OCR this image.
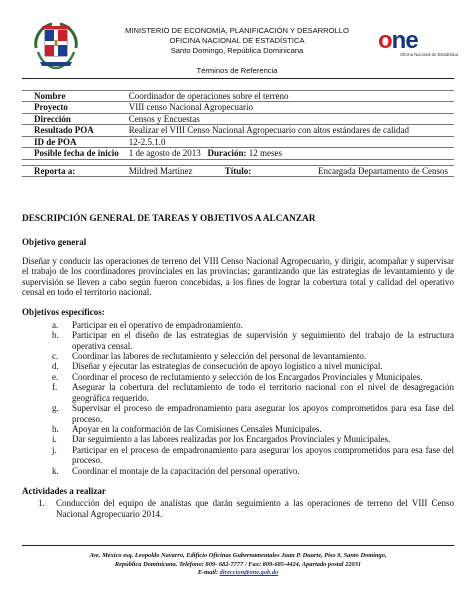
MINISTERIO DE ECONOMÍA, PLANIFICACIÓN Y DESARROLLO
OFICINA NACIONAL DE ESTADÍSTICA
Santo Domingo, República Dominicana
Términos de Referencia
one
Oficina Nacional de Estadística

Nombre	Coordinador de operaciones sobre el terreno		
Proyecto	VIII censo Nacional Agropecuario		
Dirección	Censos y Encuestas		
Resultado POA	Realizar el VIII Censo Nacional Agropecuario con altos estándares de calidad		
ID de POA	12-2.5.1.0		
Posible fecha de inicio	1 de agosto de 2013 Duración: 12 meses		

Reporta a:	Mildred Martínez	Título:	Encargada Departamento de Censos
DESCRIPCIÓN GENERAL DE TAREAS Y OBJETIVOS A ALCANZAR
Objetivo general
Diseñar y conducir las operaciones de terreno del VIII Censo Nacional Agropecuario, y dirigir, acompañar y supervisar el trabajo de los coordinadores provinciales en las provincias; garantizando que las estrategias de levantamiento y de supervisión se lleven a cabo según fueron concebidas, a los fines de lograr la cobertura total y calidad del operativo censal en todo el territorio nacional.
Objetivos específicos:
a. Participar en el operativo de empadronamiento.
b. Participar en el diseño de las estrategias de supervisión y seguimiento del trabajo de la estructura operativa censal.
c. Coordinar las labores de reclutamiento y selección del personal de levantamiento.
d. Diseñar y ejecutar las estrategias de consecución de apoyo logístico a nivel municipal.
e. Coordinar el proceso de reclutamiento y selección de los Encargados Provinciales y Municipales.
f. Asegurar la cobertura del reclutamiento de todo el territorio nacional con el nivel de desagregación geográfica requerido.
g. Supervisar el proceso de empadronamiento para asegurar los apoyos comprometidos para esa fase del proceso.
h. Apoyar en la conformación de las Comisiones Censales Municipales.
i. Dar seguimiento a las labores realizadas por los Encargados Provinciales y Municipales.
j. Participar en el proceso de empadronamiento para asegurar los apoyos comprometidos para esa fase del proceso.
k. Coordinar el montaje de la capacitación del personal operativo.
Actividades a realizar
1. Conducción del equipo de analistas que darán seguimiento a las operaciones de terreno del VIII Censo Nacional Agropecuario 2014.
Ave. México esq. Leopoldo Navarro, Edificio Oficinas Gubernamentales Juan P. Duarte, Piso 9, Santo Domingo,
República Dominicana. Teléfono: 809- 682-7777 / Fax: 809-685-4424, Apartado postal 22031
E-mail: direccion@one.gob.do
